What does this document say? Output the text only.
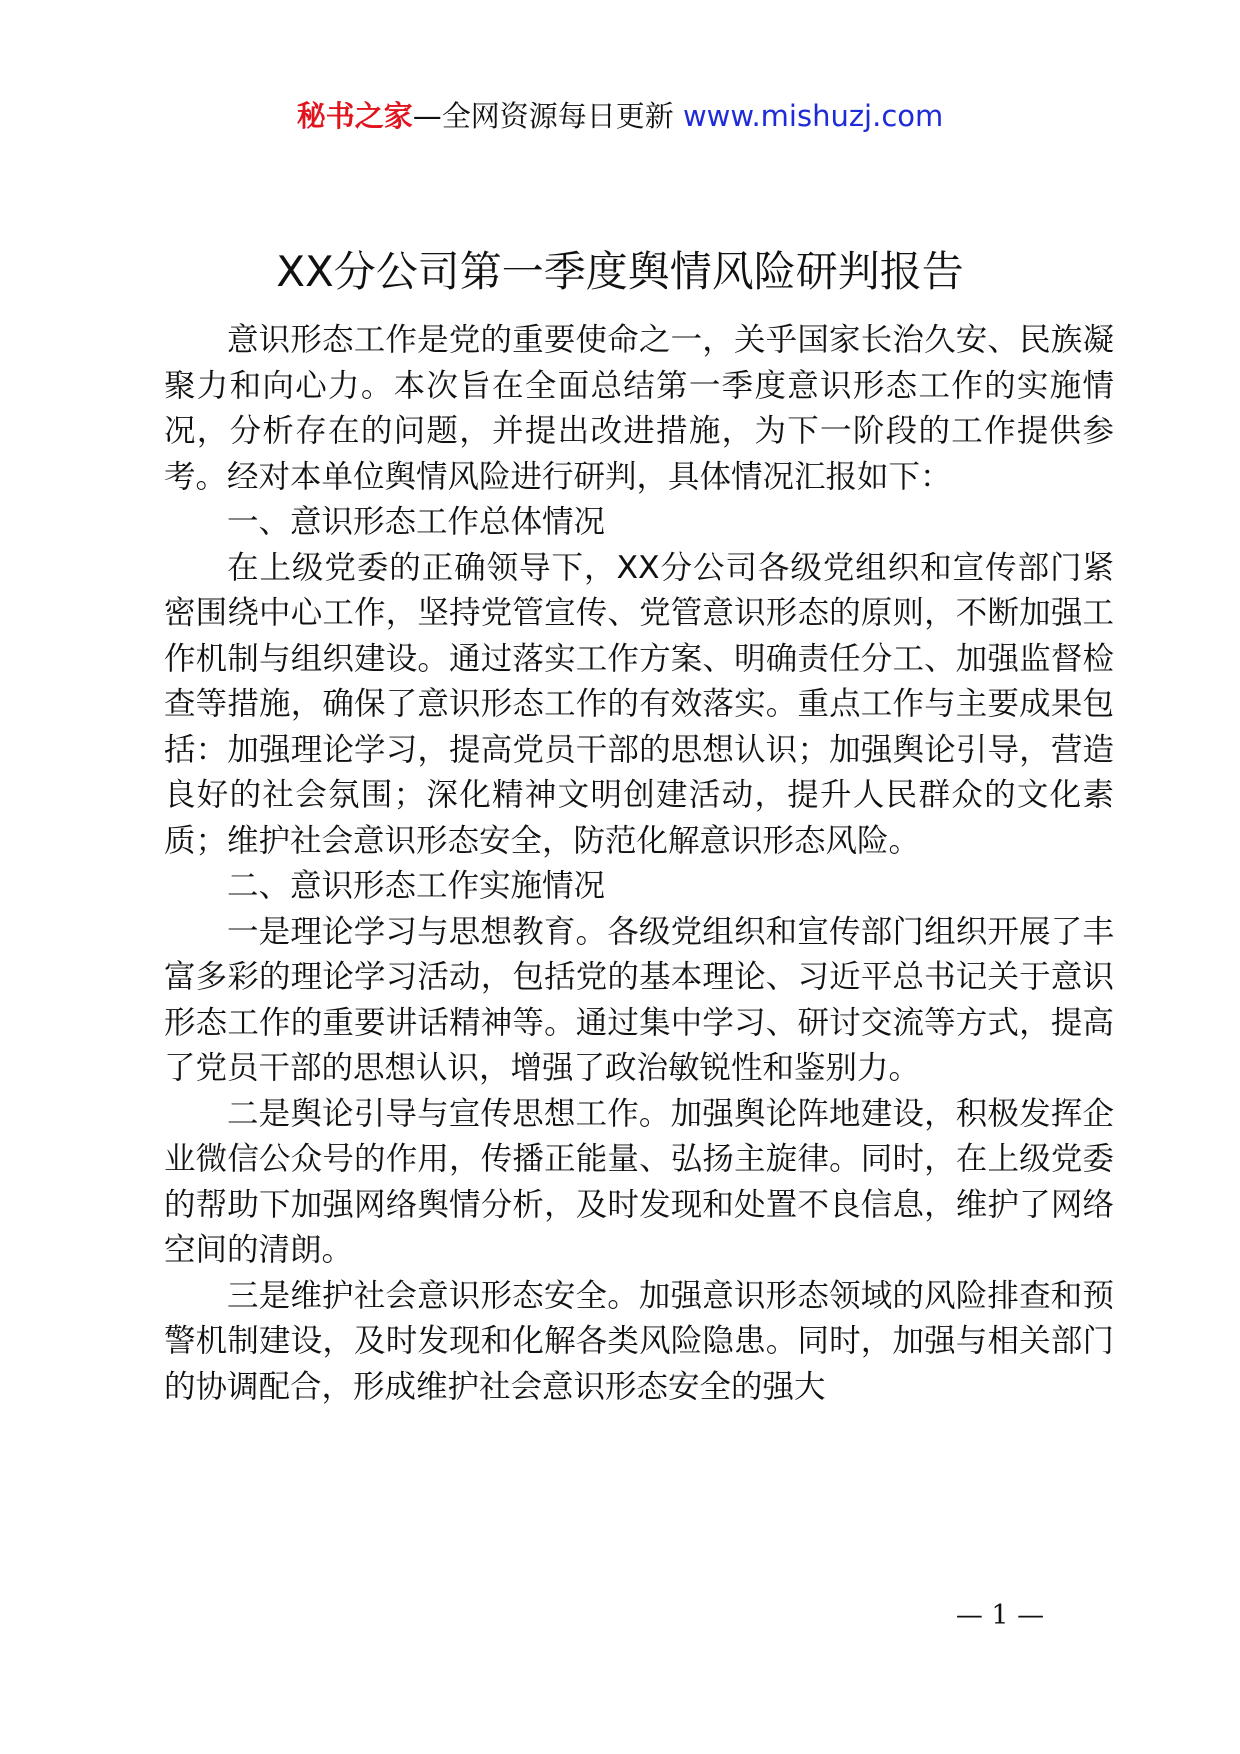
秘书之家—全网资源每日更新 www.mishuzj.com
XX分公司第一季度舆情风险研判报告

意识形态工作是党的重要使命之一，关乎国家长治久安、民族凝聚力和向心力。本次旨在全面总结第一季度意识形态工作的实施情况，分析存在的问题，并提出改进措施，为下一阶段的工作提供参考。经对本单位舆情风险进行研判，具体情况汇报如下：

一、意识形态工作总体情况

在上级党委的正确领导下，XX分公司各级党组织和宣传部门紧密围绕中心工作，坚持党管宣传、党管意识形态的原则，不断加强工作机制与组织建设。通过落实工作方案、明确责任分工、加强监督检查等措施，确保了意识形态工作的有效落实。重点工作与主要成果包括：加强理论学习，提高党员干部的思想认识；加强舆论引导，营造良好的社会氛围；深化精神文明创建活动，提升人民群众的文化素质；维护社会意识形态安全，防范化解意识形态风险。

二、意识形态工作实施情况

一是理论学习与思想教育。各级党组织和宣传部门组织开展了丰富多彩的理论学习活动，包括党的基本理论、习近平总书记关于意识形态工作的重要讲话精神等。通过集中学习、研讨交流等方式，提高了党员干部的思想认识，增强了政治敏锐性和鉴别力。

二是舆论引导与宣传思想工作。加强舆论阵地建设，积极发挥企业微信公众号的作用，传播正能量、弘扬主旋律。同时，在上级党委的帮助下加强网络舆情分析，及时发现和处置不良信息，维护了网络空间的清朗。

三是维护社会意识形态安全。加强意识形态领域的风险排查和预警机制建设，及时发现和化解各类风险隐患。同时，加强与相关部门的协调配合，形成维护社会意识形态安全的强大

— 1 —
